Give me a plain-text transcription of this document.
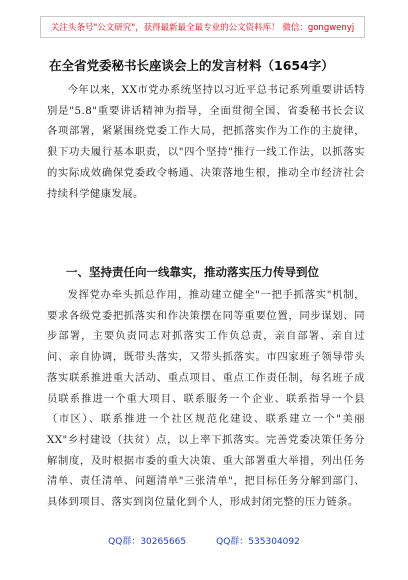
关注头条号"公文研究"，获得最新最全最专业的公文资料库！ 微信：gongwenyj
在全省党委秘书长座谈会上的发言材料（1654字）

今年以来，XX市党办系统坚持以习近平总书记系列重要讲话特别是"5.8"重要讲话精神为指导，全面贯彻全国、省委秘书长会议各项部署，紧紧围绕党委工作大局，把抓落实作为工作的主旋律，狠下功夫履行基本职责，以"四个坚持"推行一线工作法，以抓落实的实际成效确保党委政令畅通、决策落地生根，推动全市经济社会持续科学健康发展。

一、坚持责任向一线靠实，推动落实压力传导到位

发挥党办牵头抓总作用，推动建立健全"一把手抓落实"机制，要求各级党委把抓落实和作决策摆在同等重要位置，同步谋划、同步部署，主要负责同志对抓落实工作负总责，亲自部署、亲自过问、亲自协调，既带头落实，又带头抓落实。市四家班子领导带头落实联系推进重大活动、重点项目、重点工作责任制，每名班子成员联系推进一个重大项目、联系服务一个企业、联系指导一个县（市区）、联系推进一个社区规范化建设、联系建立一个"美丽XX"乡村建设（扶贫）点，以上率下抓落实。完善党委决策任务分解制度，及时根据市委的重大决策、重大部署重大举措，列出任务清单、责任清单、问题清单"三张清单"，把目标任务分解到部门、具体到项目、落实到岗位量化到个人，形成封闭完整的压力链条。

QQ群：30265665	QQ群：535304092
